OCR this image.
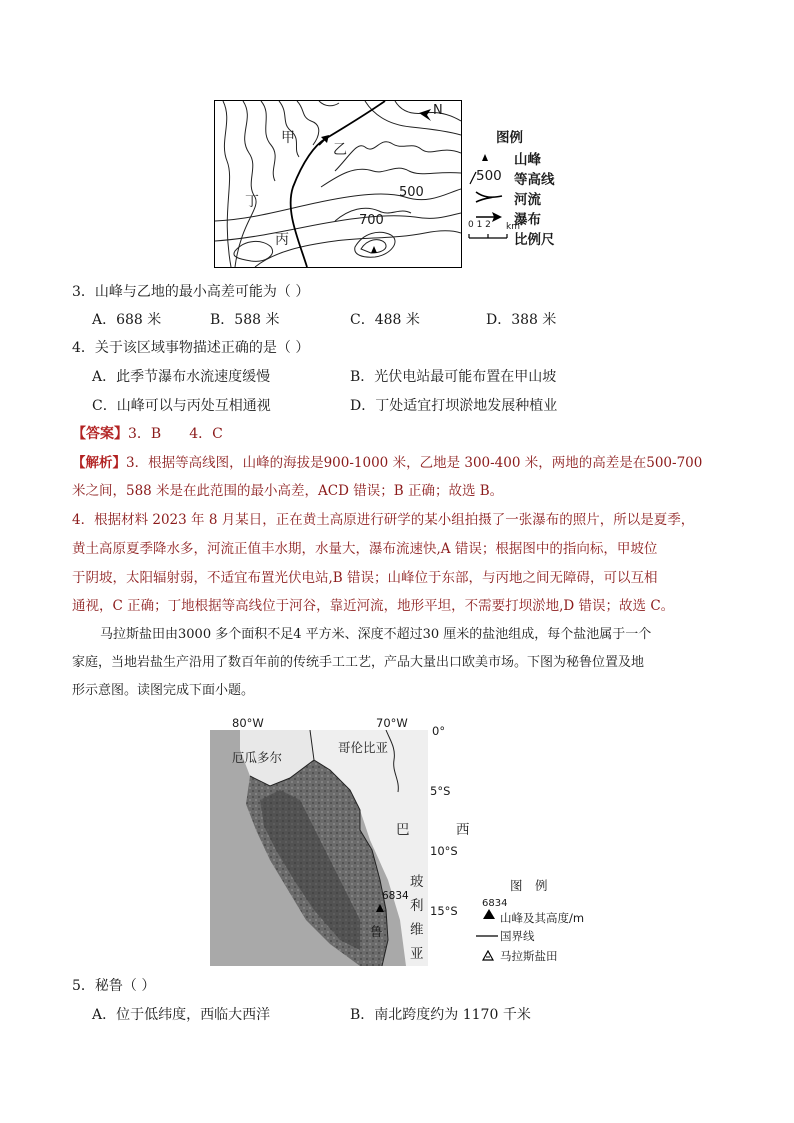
甲
乙
丁
丙
500
700
N
图例
山峰
500 等高线
河流
瀑布
0 1 2 km
比例尺
3．山峰与乙地的最小高差可能为（ ）
A．688 米	B．588 米	C．488 米	D．388 米
4．关于该区域事物描述正确的是（ ）
A．此季节瀑布水流速度缓慢	B．光伏电站最可能布置在甲山坡
C．山峰可以与丙处互相通视	D．丁处适宜打坝淤地发展种植业
【答案】3．B　　4．C
【解析】3．根据等高线图，山峰的海拔是900-1000 米，乙地是 300-400 米，两地的高差是在500-700
米之间，588 米是在此范围的最小高差，ACD 错误；B 正确；故选 B。
4．根据材料 2023 年 8 月某日，正在黄土高原进行研学的某小组拍摄了一张瀑布的照片，所以是夏季，
黄土高原夏季降水多，河流正值丰水期，水量大，瀑布流速快,A 错误；根据图中的指向标，甲坡位
于阴坡，太阳辐射弱，不适宜布置光伏电站,B 错误；山峰位于东部，与丙地之间无障碍，可以互相
通视，C 正确；丁地根据等高线位于河谷，靠近河流，地形平坦，不需要打坝淤地,D 错误；故选 C。
马拉斯盐田由3000 多个面积不足4 平方米、深度不超过30 厘米的盐池组成，每个盐池属于一个
家庭，当地岩盐生产沿用了数百年前的传统手工工艺，产品大量出口欧美市场。下图为秘鲁位置及地
形示意图。读图完成下面小题。
80°W	70°W
厄瓜多尔
哥伦比亚
6834
鲁
0°
5°S
10°S
15°S
巴	西
玻
利
维
亚
图　例
6834
山峰及其高度/m
国界线
马拉斯盐田
5．秘鲁（ ）
A．位于低纬度，西临大西洋	B．南北跨度约为 1170 千米
